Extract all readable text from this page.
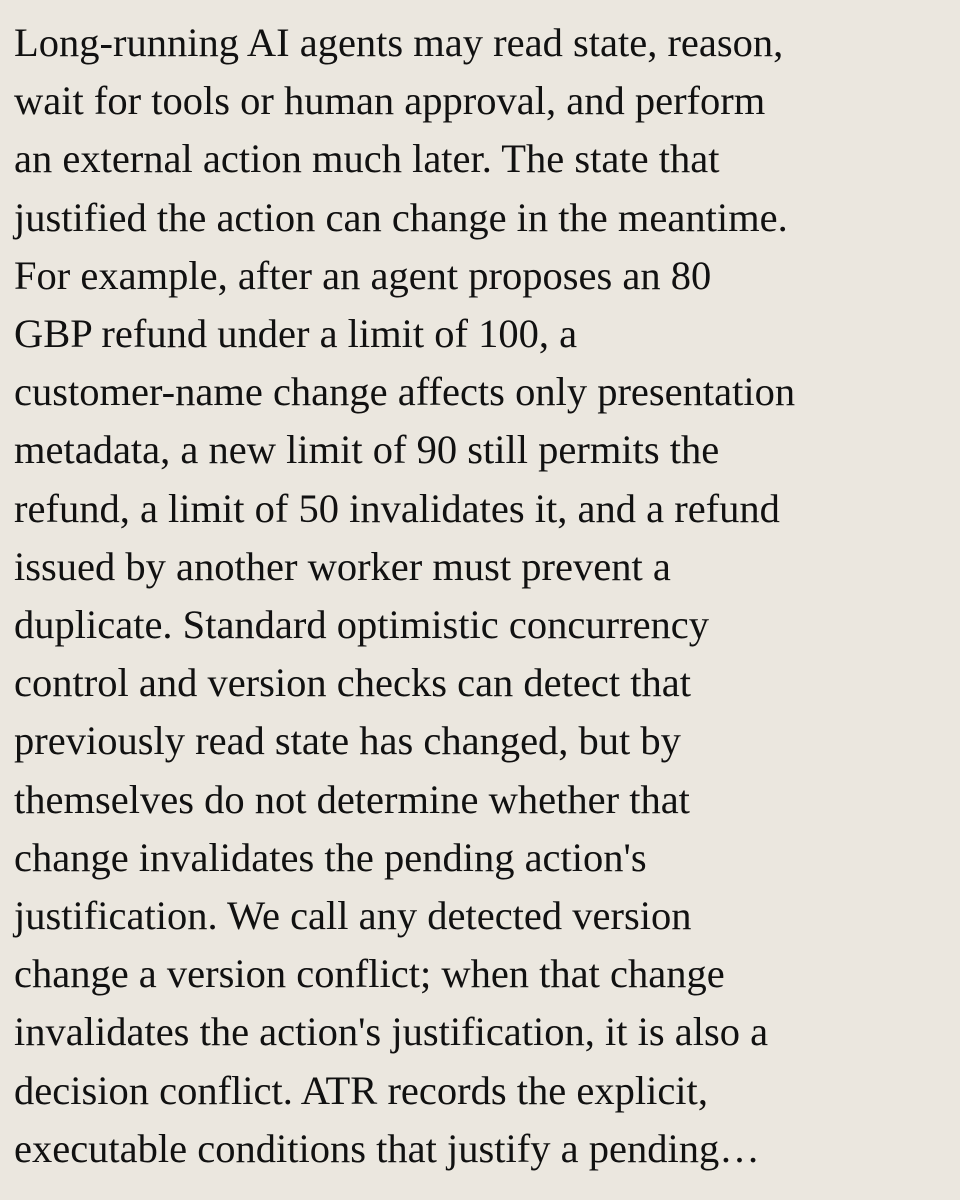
Long-running AI agents may read state, reason,
wait for tools or human approval, and perform
an external action much later. The state that
justified the action can change in the meantime.
For example, after an agent proposes an 80
GBP refund under a limit of 100, a
customer-name change affects only presentation
metadata, a new limit of 90 still permits the
refund, a limit of 50 invalidates it, and a refund
issued by another worker must prevent a
duplicate. Standard optimistic concurrency
control and version checks can detect that
previously read state has changed, but by
themselves do not determine whether that
change invalidates the pending action's
justification. We call any detected version
change a version conflict; when that change
invalidates the action's justification, it is also a
decision conflict. ATR records the explicit,
executable conditions that justify a pending…
